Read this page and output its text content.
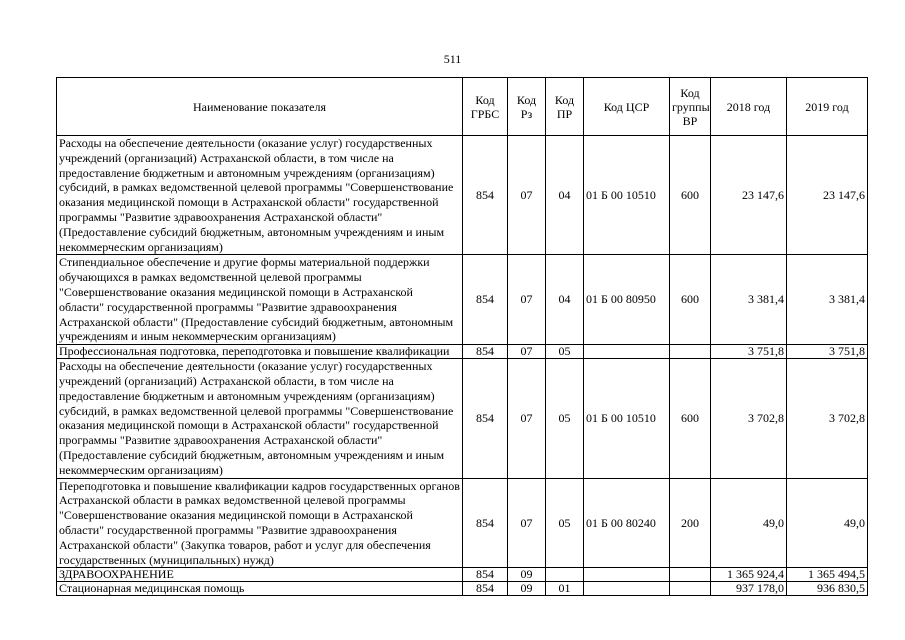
511
Наименование показателя	Код ГРБС	Код Рз	Код ПР	Код ЦСР	Код группы ВР	2018 год	2019 год
Расходы на обеспечение деятельности (оказание услуг) государственных учреждений (организаций) Астраханской области, в том числе на предоставление бюджетным и автономным учреждениям (организациям) субсидий, в рамках ведомственной целевой программы "Совершенствование оказания медицинской помощи в Астраханской области" государственной программы "Развитие здравоохранения Астраханской области" (Предоставление субсидий бюджетным, автономным учреждениям и иным некоммерческим организациям)	854	07	04	01 Б 00 10510	600	23 147,6	23 147,6
Стипендиальное обеспечение и другие формы материальной поддержки обучающихся в рамках ведомственной целевой программы "Совершенствование оказания медицинской помощи в Астраханской области" государственной программы "Развитие здравоохранения Астраханской области" (Предоставление субсидий бюджетным, автономным учреждениям и иным некоммерческим организациям)	854	07	04	01 Б 00 80950	600	3 381,4	3 381,4
Профессиональная подготовка, переподготовка и повышение квалификации	854	07	05			3 751,8	3 751,8
Расходы на обеспечение деятельности (оказание услуг) государственных учреждений (организаций) Астраханской области, в том числе на предоставление бюджетным и автономным учреждениям (организациям) субсидий, в рамках ведомственной целевой программы "Совершенствование оказания медицинской помощи в Астраханской области" государственной программы "Развитие здравоохранения Астраханской области" (Предоставление субсидий бюджетным, автономным учреждениям и иным некоммерческим организациям)	854	07	05	01 Б 00 10510	600	3 702,8	3 702,8
Переподготовка и повышение квалификации кадров государственных органов Астраханской области в рамках ведомственной целевой программы "Совершенствование оказания медицинской помощи в Астраханской области" государственной программы "Развитие здравоохранения Астраханской области" (Закупка товаров, работ и услуг для обеспечения государственных (муниципальных) нужд)	854	07	05	01 Б 00 80240	200	49,0	49,0
ЗДРАВООХРАНЕНИЕ	854	09				1 365 924,4	1 365 494,5
Стационарная медицинская помощь	854	09	01			937 178,0	936 830,5
